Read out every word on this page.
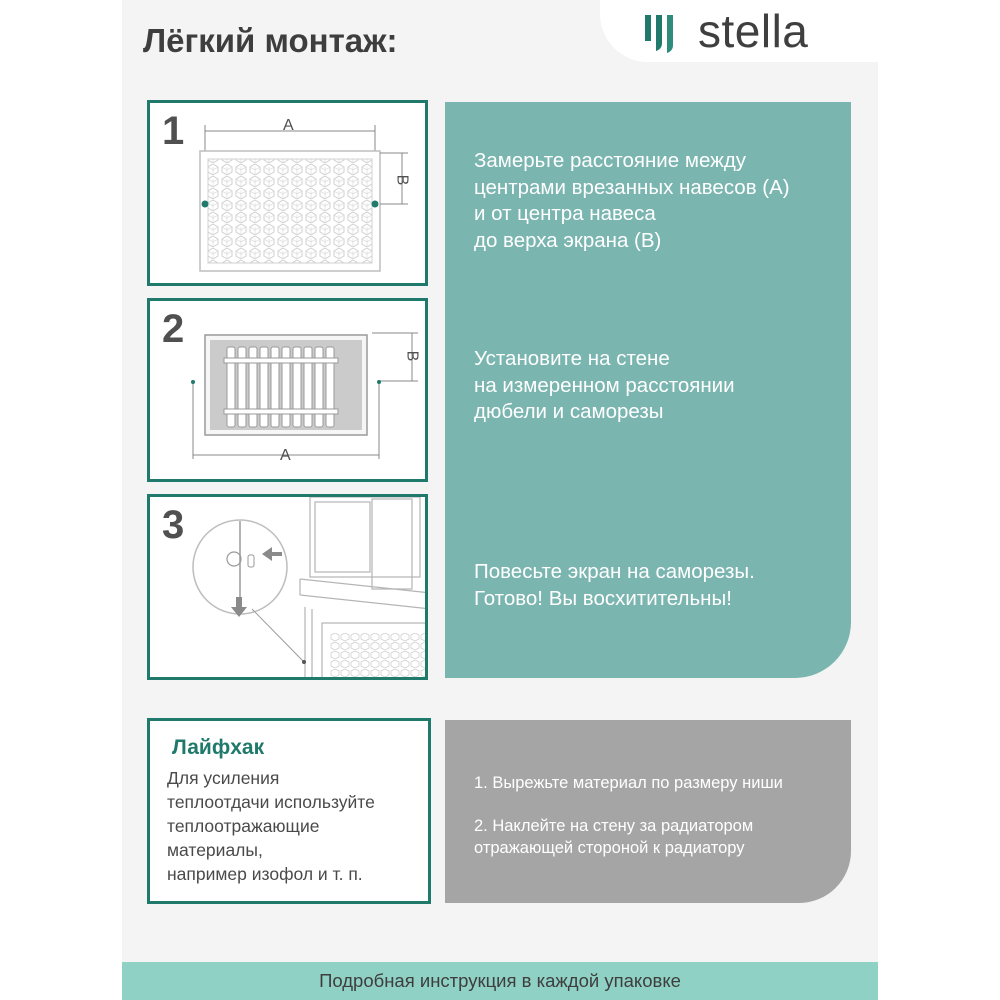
stella
Лёгкий монтаж:
1	A
B
2
A
B
3
Замерьте расстояние между
центрами врезанных навесов (А)
и от центра навеса
до верха экрана (В)
Установите на стене
на измеренном расстоянии
дюбели и саморезы
Повесьте экран на саморезы.
Готово! Вы восхитительны!
Лайфхак
Для усиления
теплоотдачи используйте
теплоотражающие
материалы,
например изофол и т. п.
1. Вырежьте материал по размеру ниши
2. Наклейте на стену за радиатором
отражающей стороной к радиатору
Подробная инструкция в каждой упаковке
